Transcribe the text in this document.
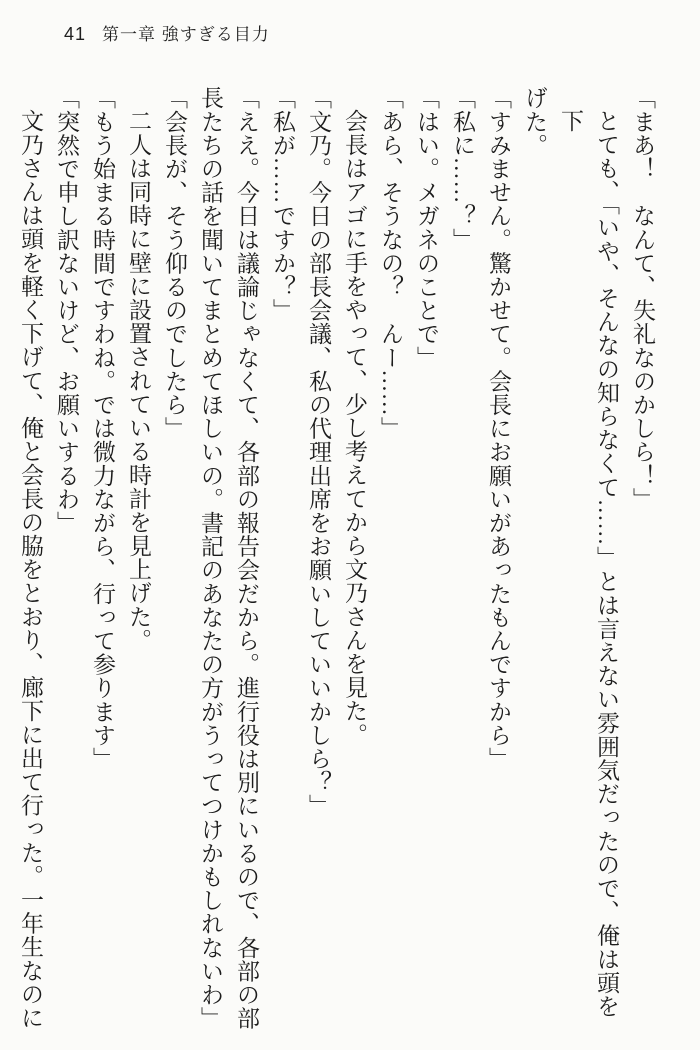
41 第一章 強すぎる目力

「まあ！　なんて、失礼なのかしら！」

とても、「いや、そんなの知らなくて……」とは言えない雰囲気だったので、俺は頭を下

げた。

「すみません。驚かせて。会長にお願いがあったもんですから」

「私に……？」

「はい。メガネのことで」

「あら、そうなの？　んー……」

会長はアゴに手をやって、少し考えてから文乃さんを見た。

「文乃。今日の部長会議、私の代理出席をお願いしていいかしら？」

「私が……ですか？」

「ええ。今日は議論じゃなくて、各部の報告会だから。進行役は別にいるので、各部の部

長たちの話を聞いてまとめてほしいの。書記のあなたの方がうってつけかもしれないわ」

「会長が、そう仰るのでしたら」

二人は同時に壁に設置されている時計を見上げた。

「もう始まる時間ですわね。では微力ながら、行って参ります」

「突然で申し訳ないけど、お願いするわ」

文乃さんは頭を軽く下げて、俺と会長の脇をとおり、廊下に出て行った。一年生なのに
